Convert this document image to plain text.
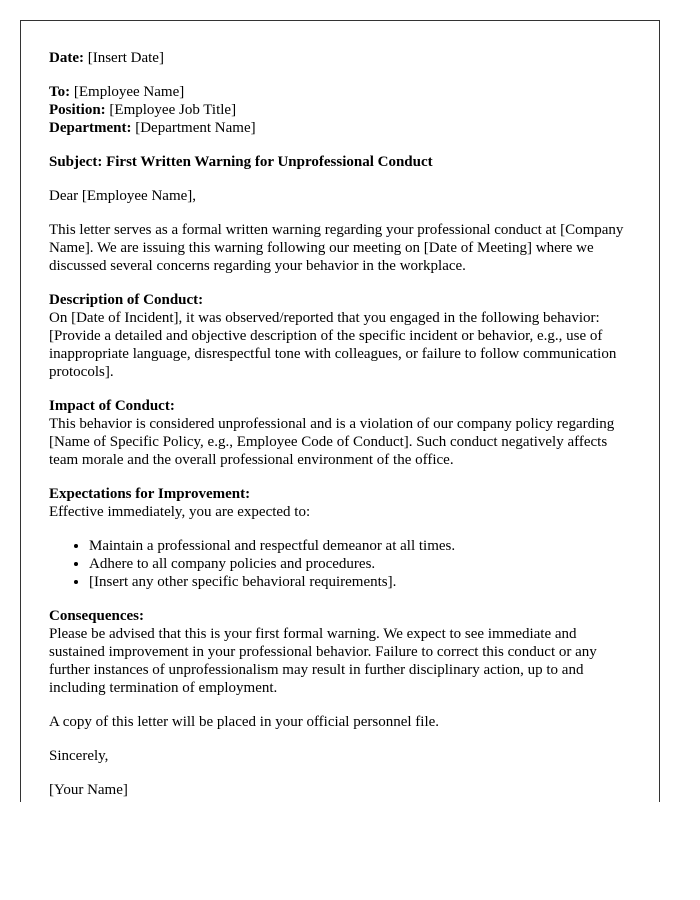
Date: [Insert Date]

To: [Employee Name]
Position: [Employee Job Title]
Department: [Department Name]

Subject: First Written Warning for Unprofessional Conduct

Dear [Employee Name],

This letter serves as a formal written warning regarding your professional conduct at [Company Name]. We are issuing this warning following our meeting on [Date of Meeting] where we discussed several concerns regarding your behavior in the workplace.

Description of Conduct:
On [Date of Incident], it was observed/reported that you engaged in the following behavior: [Provide a detailed and objective description of the specific incident or behavior, e.g., use of inappropriate language, disrespectful tone with colleagues, or failure to follow communication protocols].

Impact of Conduct:
This behavior is considered unprofessional and is a violation of our company policy regarding [Name of Specific Policy, e.g., Employee Code of Conduct]. Such conduct negatively affects team morale and the overall professional environment of the office.

Expectations for Improvement:
Effective immediately, you are expected to:

• Maintain a professional and respectful demeanor at all times.
• Adhere to all company policies and procedures.
• [Insert any other specific behavioral requirements].

Consequences:
Please be advised that this is your first formal warning. We expect to see immediate and sustained improvement in your professional behavior. Failure to correct this conduct or any further instances of unprofessionalism may result in further disciplinary action, up to and including termination of employment.

A copy of this letter will be placed in your official personnel file.

Sincerely,

[Your Name]
